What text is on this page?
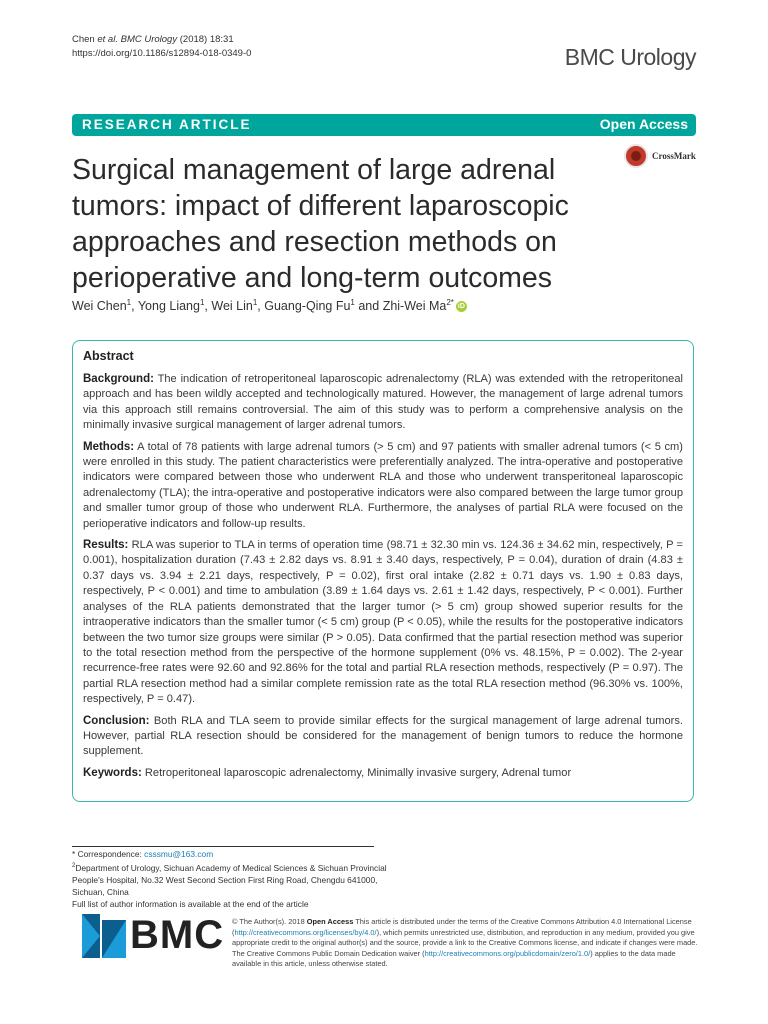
Chen et al. BMC Urology (2018) 18:31
https://doi.org/10.1186/s12894-018-0349-0	BMC Urology
RESEARCH ARTICLE	Open Access
Surgical management of large adrenal tumors: impact of different laparoscopic approaches and resection methods on perioperative and long-term outcomes
CrossMark
Wei Chen$^1$, Yong Liang$^1$, Wei Lin$^1$, Guang-Qing Fu$^1$ and Zhi-Wei $Ma^{2*}$ iD
Abstract

Background: The indication of retroperitoneal laparoscopic adrenalectomy (RLA) was extended with the retroperitoneal approach and has been wildly accepted and technologically matured. However, the management of large adrenal tumors via this approach still remains controversial. The aim of this study was to perform a comprehensive analysis on the minimally invasive surgical management of larger adrenal tumors.

Methods: A total of 78 patients with large adrenal tumors (> 5 cm) and 97 patients with smaller adrenal tumors (< 5 cm) were enrolled in this study. The patient characteristics were preferentially analyzed. The intra-operative and postoperative indicators were compared between those who underwent RLA and those who underwent transperitoneal laparoscopic adrenalectomy (TLA); the intra-operative and postoperative indicators were also compared between the large tumor group and smaller tumor group of those who underwent RLA. Furthermore, the analyses of partial RLA were focused on the perioperative indicators and follow-up results.

Results: RLA was superior to TLA in terms of operation time (98.71 ± 32.30 min vs. 124.36 ± 34.62 min, respectively, P = 0.001), hospitalization duration (7.43 ± 2.82 days vs. 8.91 ± 3.40 days, respectively, P = 0.04), duration of drain (4.83 ± 0.37 days vs. 3.94 ± 2.21 days, respectively, P = 0.02), first oral intake (2.82 ± 0.71 days vs. 1.90 ± 0.83 days, respectively, P < 0.001) and time to ambulation (3.89 ± 1.64 days vs. 2.61 ± 1.42 days, respectively, P < 0.001). Further analyses of the RLA patients demonstrated that the larger tumor (> 5 cm) group showed superior results for the intraoperative indicators than the smaller tumor (< 5 cm) group (P < 0.05), while the results for the postoperative indicators between the two tumor size groups were similar (P > 0.05). Data confirmed that the partial resection method was superior to the total resection method from the perspective of the hormone supplement (0% vs. 48.15%, P = 0.002). The 2-year recurrence-free rates were 92.60 and 92.86% for the total and partial RLA resection methods, respectively (P = 0.97). The partial RLA resection method had a similar complete remission rate as the total RLA resection method (96.30% vs. 100%, respectively, P = 0.47).

Conclusion: Both RLA and TLA seem to provide similar effects for the surgical management of large adrenal tumors. However, partial RLA resection should be considered for the management of benign tumors to reduce the hormone supplement.

Keywords: Retroperitoneal laparoscopic adrenalectomy, Minimally invasive surgery, Adrenal tumor

* Correspondence: csssmu@163.com
$^2$Department of Urology, Sichuan Academy of Medical Sciences & Sichuan Provincial People's Hospital, No.32 West Second Section First Ring Road, Chengdu 641000, Sichuan, China
Full list of author information is available at the end of the article
BMC © The Author(s). 2018 Open Access This article is distributed under the terms of the Creative Commons Attribution 4.0 International License (http://creativecommons.org/licenses/by/4.0/), which permits unrestricted use, distribution, and reproduction in any medium, provided you give appropriate credit to the original author(s) and the source, provide a link to the Creative Commons license, and indicate if changes were made. The Creative Commons Public Domain Dedication waiver (http://creativecommons.org/publicdomain/zero/1.0/) applies to the data made available in this article, unless otherwise stated.
